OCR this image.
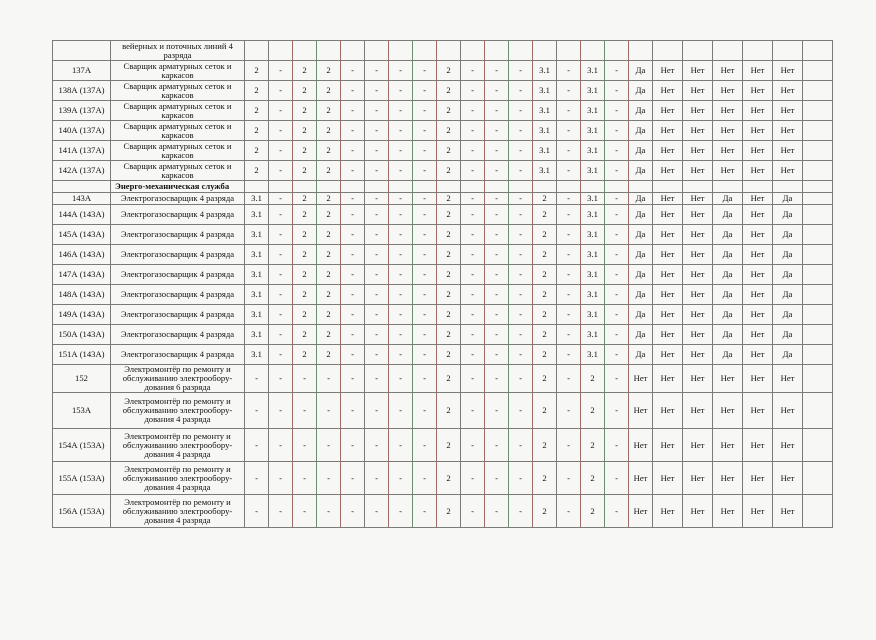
	вейерных и поточных линий 4 разряда																							
137А	Сварщик арматурных сеток и каркасов	2	-	2	2	-	-	-	-	2	-	-	-	3.1	-	3.1	-	Да	Нет	Нет	Нет	Нет	Нет	
138А (137А)	Сварщик арматурных сеток и каркасов	2	-	2	2	-	-	-	-	2	-	-	-	3.1	-	3.1	-	Да	Нет	Нет	Нет	Нет	Нет	
139А (137А)	Сварщик арматурных сеток и каркасов	2	-	2	2	-	-	-	-	2	-	-	-	3.1	-	3.1	-	Да	Нет	Нет	Нет	Нет	Нет	
140А (137А)	Сварщик арматурных сеток и каркасов	2	-	2	2	-	-	-	-	2	-	-	-	3.1	-	3.1	-	Да	Нет	Нет	Нет	Нет	Нет	
141А (137А)	Сварщик арматурных сеток и каркасов	2	-	2	2	-	-	-	-	2	-	-	-	3.1	-	3.1	-	Да	Нет	Нет	Нет	Нет	Нет	
142А (137А)	Сварщик арматурных сеток и каркасов	2	-	2	2	-	-	-	-	2	-	-	-	3.1	-	3.1	-	Да	Нет	Нет	Нет	Нет	Нет	
	Энерго-механическая служба																							
143А	Электрогазосварщик 4 разряда	3.1	-	2	2	-	-	-	-	2	-	-	-	2	-	3.1	-	Да	Нет	Нет	Да	Нет	Да	
144А (143А)	Электрогазосварщик 4 разряда	3.1	-	2	2	-	-	-	-	2	-	-	-	2	-	3.1	-	Да	Нет	Нет	Да	Нет	Да	
145А (143А)	Электрогазосварщик 4 разряда	3.1	-	2	2	-	-	-	-	2	-	-	-	2	-	3.1	-	Да	Нет	Нет	Да	Нет	Да	
146А (143А)	Электрогазосварщик 4 разряда	3.1	-	2	2	-	-	-	-	2	-	-	-	2	-	3.1	-	Да	Нет	Нет	Да	Нет	Да	
147А (143А)	Электрогазосварщик 4 разряда	3.1	-	2	2	-	-	-	-	2	-	-	-	2	-	3.1	-	Да	Нет	Нет	Да	Нет	Да	
148А (143А)	Электрогазосварщик 4 разряда	3.1	-	2	2	-	-	-	-	2	-	-	-	2	-	3.1	-	Да	Нет	Нет	Да	Нет	Да	
149А (143А)	Электрогазосварщик 4 разряда	3.1	-	2	2	-	-	-	-	2	-	-	-	2	-	3.1	-	Да	Нет	Нет	Да	Нет	Да	
150А (143А)	Электрогазосварщик 4 разряда	3.1	-	2	2	-	-	-	-	2	-	-	-	2	-	3.1	-	Да	Нет	Нет	Да	Нет	Да	
151А (143А)	Электрогазосварщик 4 разряда	3.1	-	2	2	-	-	-	-	2	-	-	-	2	-	3.1	-	Да	Нет	Нет	Да	Нет	Да	
152	Электромонтёр по ремонту и обслуживанию электрообору-дования 6 разряда	-	-	-	-	-	-	-	-	2	-	-	-	2	-	2	-	Нет	Нет	Нет	Нет	Нет	Нет	
153А	Электромонтёр по ремонту и обслуживанию электрообору-дования 4 разряда	-	-	-	-	-	-	-	-	2	-	-	-	2	-	2	-	Нет	Нет	Нет	Нет	Нет	Нет	
154А (153А)	Электромонтёр по ремонту и обслуживанию электрообору-дования 4 разряда	-	-	-	-	-	-	-	-	2	-	-	-	2	-	2	-	Нет	Нет	Нет	Нет	Нет	Нет	
155А (153А)	Электромонтёр по ремонту и обслуживанию электрообору-дования 4 разряда	-	-	-	-	-	-	-	-	2	-	-	-	2	-	2	-	Нет	Нет	Нет	Нет	Нет	Нет	
156А (153А)	Электромонтёр по ремонту и обслуживанию электрообору-дования 4 разряда	-	-	-	-	-	-	-	-	2	-	-	-	2	-	2	-	Нет	Нет	Нет	Нет	Нет	Нет	
